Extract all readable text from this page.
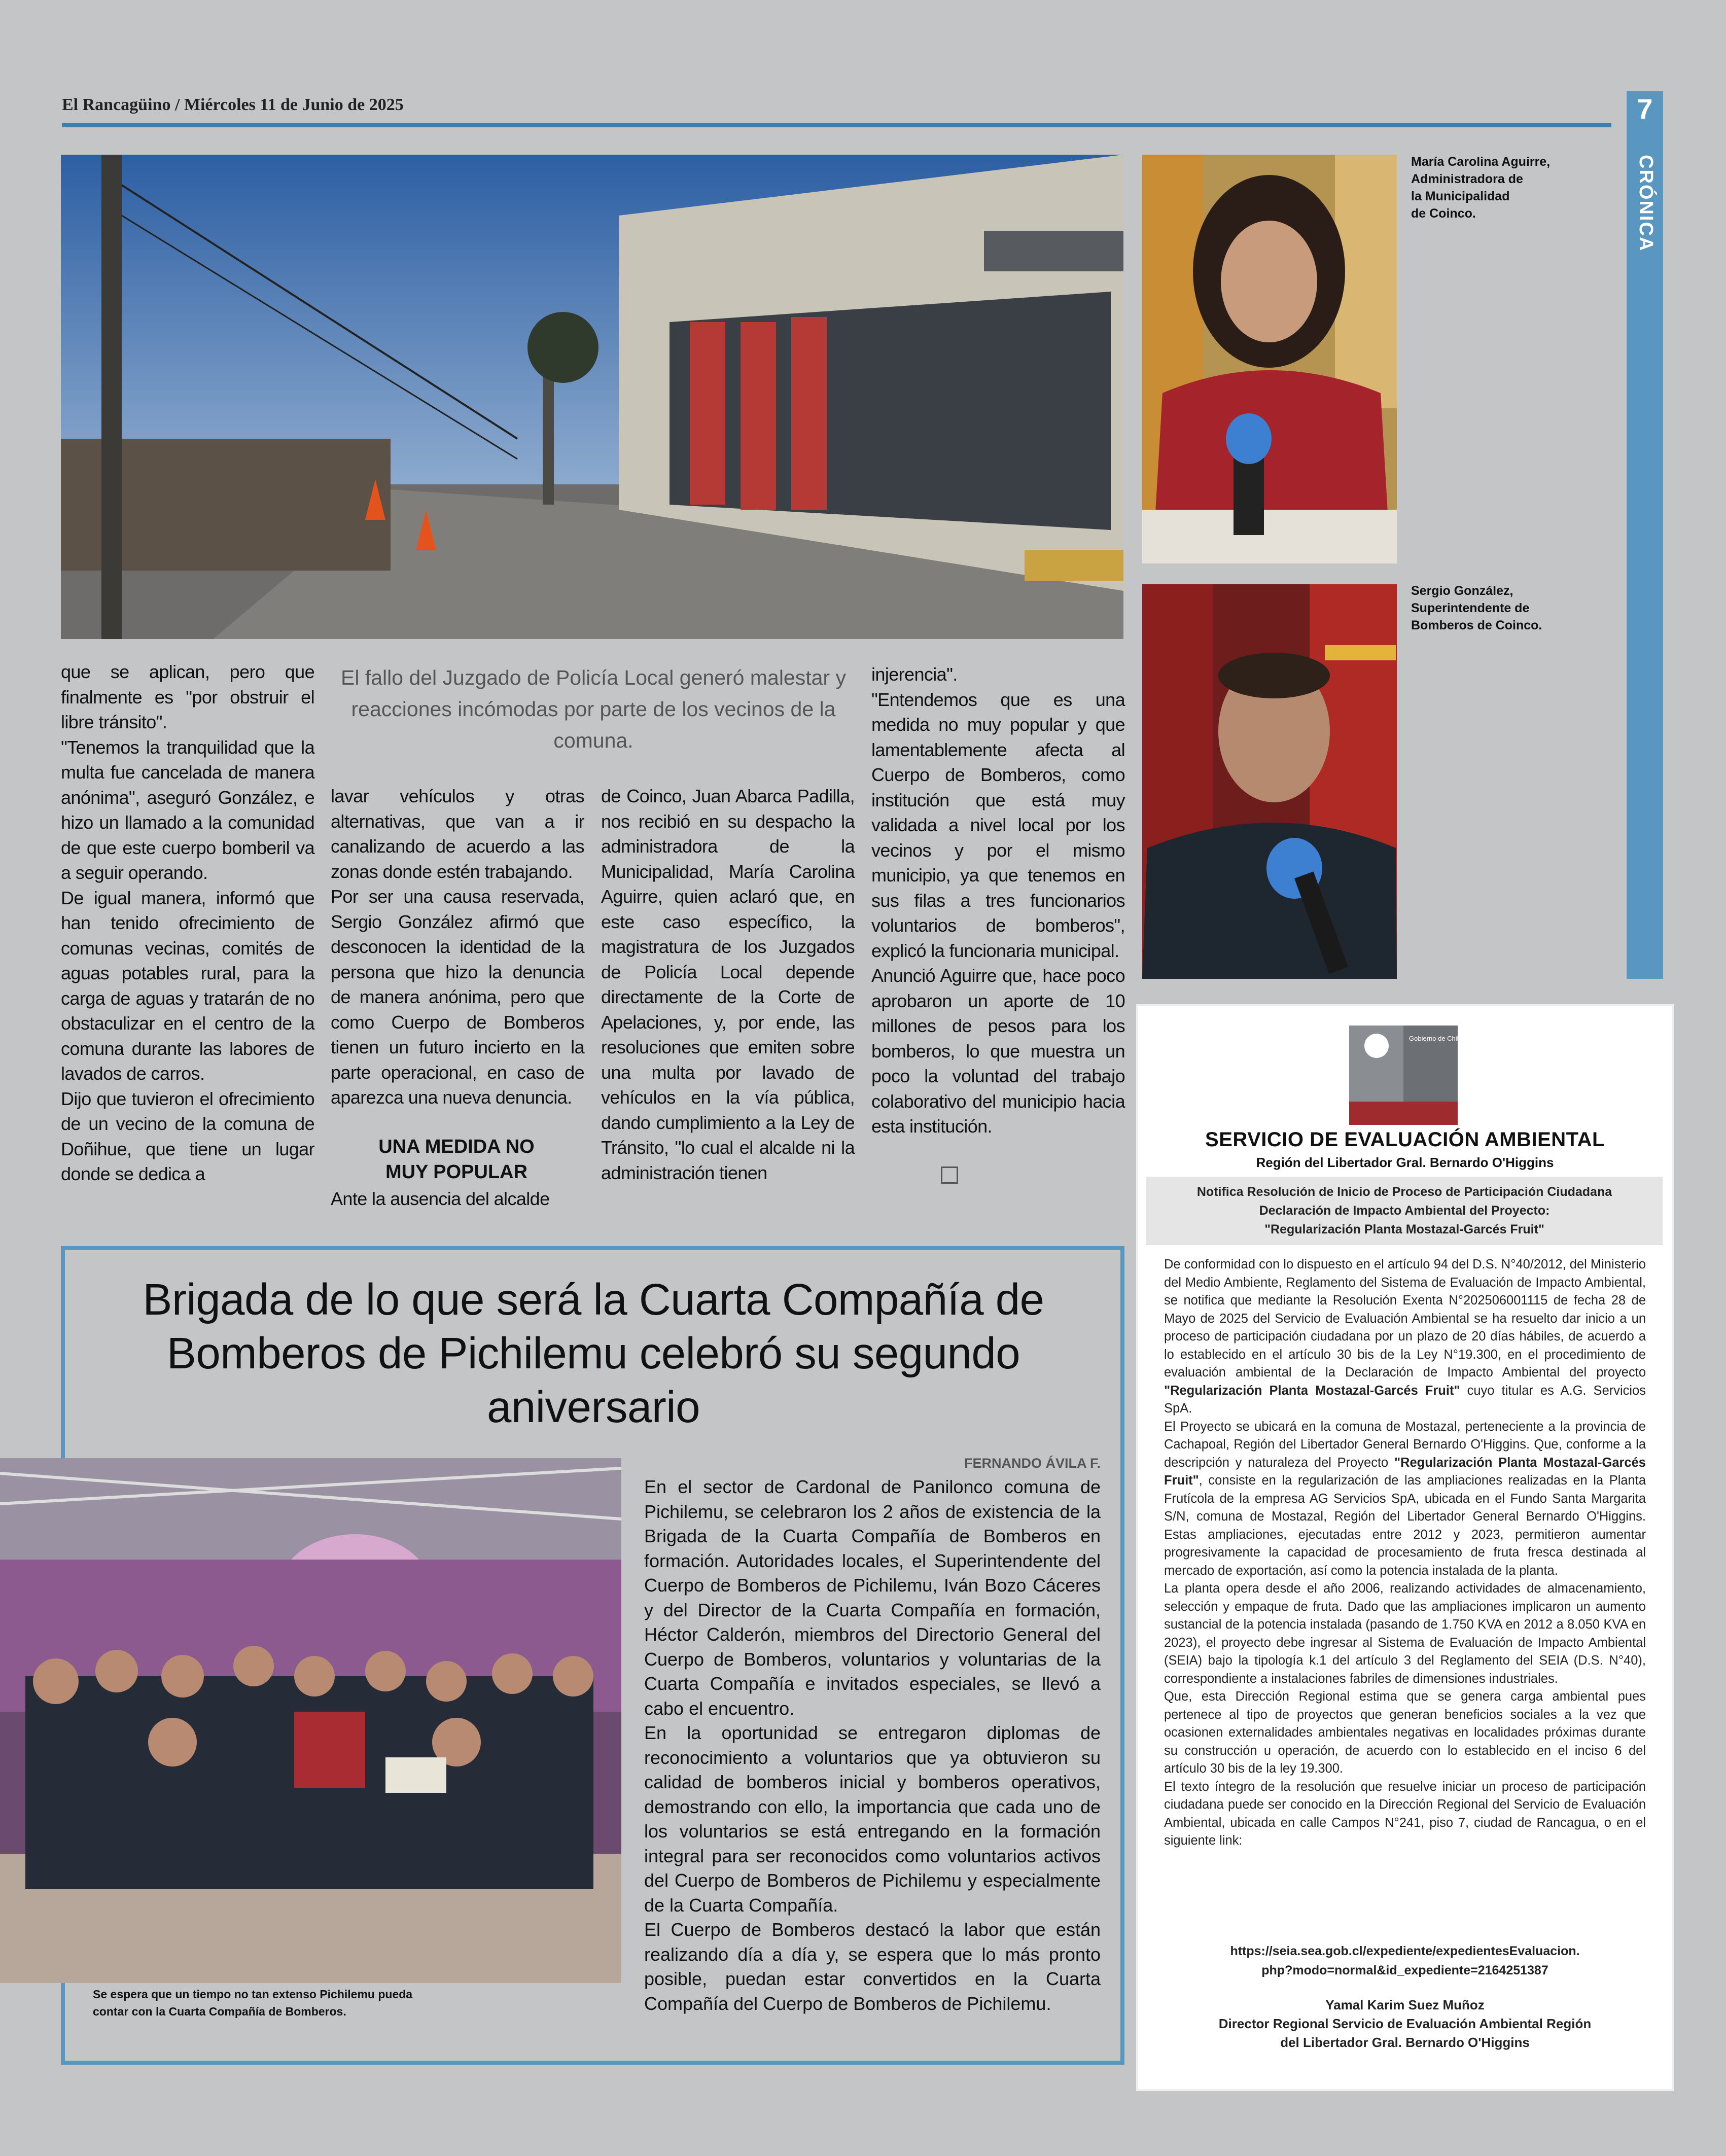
El Rancagüino / Miércoles 11 de Junio de 2025	7
CRÓNICA
María Carolina Aguirre,
Administradora de
la Municipalidad
de Coinco.
Sergio González,
Superintendente de
Bomberos de Coinco.
que se aplican, pero que finalmente es "por obstruir el libre tránsito".
"Tenemos la tranquilidad que la multa fue cancelada de manera anónima", aseguró González, e hizo un llamado a la comunidad de que este cuerpo bomberil va a seguir operando.
De igual manera, informó que han tenido ofrecimiento de comunas vecinas, comités de aguas potables rural, para la carga de aguas y tratarán de no obstaculizar en el centro de la comuna durante las labores de lavados de carros.
Dijo que tuvieron el ofrecimiento de un vecino de la comuna de Doñihue, que tiene un lugar donde se dedica a
El fallo del Juzgado de Policía Local generó malestar y reacciones incómodas por parte de los vecinos de la comuna.
lavar vehículos y otras alternativas, que van a ir canalizando de acuerdo a las zonas donde estén trabajando.
Por ser una causa reservada, Sergio González afirmó que desconocen la identidad de la persona que hizo la denuncia de manera anónima, pero que como Cuerpo de Bomberos tienen un futuro incierto en la parte operacional, en caso de aparezca una nueva denuncia.
UNA MEDIDA NO
MUY POPULAR
Ante la ausencia del alcalde
de Coinco, Juan Abarca Padilla, nos recibió en su despacho la administradora de la Municipalidad, María Carolina Aguirre, quien aclaró que, en este caso específico, la magistratura de los Juzgados de Policía Local depende directamente de la Corte de Apelaciones, y, por ende, las resoluciones que emiten sobre una multa por lavado de vehículos en la vía pública, dando cumplimiento a la Ley de Tránsito, "lo cual el alcalde ni la administración tienen
injerencia".
"Entendemos que es una medida no muy popular y que lamentablemente afecta al Cuerpo de Bomberos, como institución que está muy validada a nivel local por los vecinos y por el mismo municipio, ya que tenemos en sus filas a tres funcionarios voluntarios de bomberos", explicó la funcionaria municipal.
Anunció Aguirre que, hace poco aprobaron un aporte de 10 millones de pesos para los bomberos, lo que muestra un poco la voluntad del trabajo colaborativo del municipio hacia esta institución.
Brigada de lo que será la Cuarta Compañía de Bomberos de Pichilemu celebró su segundo aniversario
FERNANDO ÁVILA F.
Se espera que un tiempo no tan extenso Pichilemu pueda
contar con la Cuarta Compañía de Bomberos.

En el sector de Cardonal de Panilonco comuna de Pichilemu, se celebraron los 2 años de existencia de la Brigada de la Cuarta Compañía de Bomberos en formación. Autoridades locales, el Superintendente del Cuerpo de Bomberos de Pichilemu, Iván Bozo Cáceres y del Director de la Cuarta Compañía en formación, Héctor Calderón, miembros del Directorio General del Cuerpo de Bomberos, voluntarios y voluntarias de la Cuarta Compañía e invitados especiales, se llevó a cabo el encuentro.

En la oportunidad se entregaron diplomas de reconocimiento a voluntarios que ya obtuvieron su calidad de bomberos inicial y bomberos operativos, demostrando con ello, la importancia que cada uno de los voluntarios se está entregando en la formación integral para ser reconocidos como voluntarios activos del Cuerpo de Bomberos de Pichilemu y especialmente de la Cuarta Compañía.

El Cuerpo de Bomberos destacó la labor que están realizando día a día y, se espera que lo más pronto posible, puedan estar convertidos en la Cuarta Compañía del Cuerpo de Bomberos de Pichilemu.

Gobierno de Chile
SERVICIO DE EVALUACIÓN AMBIENTAL
Región del Libertador Gral. Bernardo O'Higgins
Notifica Resolución de Inicio de Proceso de Participación Ciudadana
Declaración de Impacto Ambiental del Proyecto:
"Regularización Planta Mostazal-Garcés Fruit"

De conformidad con lo dispuesto en el artículo 94 del D.S. N°40/2012, del Ministerio del Medio Ambiente, Reglamento del Sistema de Evaluación de Impacto Ambiental, se notifica que mediante la Resolución Exenta N°202506001115 de fecha 28 de Mayo de 2025 del Servicio de Evaluación Ambiental se ha resuelto dar inicio a un proceso de participación ciudadana por un plazo de 20 días hábiles, de acuerdo a lo establecido en el artículo 30 bis de la Ley N°19.300, en el procedimiento de evaluación ambiental de la Declaración de Impacto Ambiental del proyecto "Regularización Planta Mostazal-Garcés Fruit" cuyo titular es A.G. Servicios SpA.

El Proyecto se ubicará en la comuna de Mostazal, perteneciente a la provincia de Cachapoal, Región del Libertador General Bernardo O'Higgins. Que, conforme a la descripción y naturaleza del Proyecto "Regularización Planta Mostazal-Garcés Fruit", consiste en la regularización de las ampliaciones realizadas en la Planta Frutícola de la empresa AG Servicios SpA, ubicada en el Fundo Santa Margarita S/N, comuna de Mostazal, Región del Libertador General Bernardo O'Higgins. Estas ampliaciones, ejecutadas entre 2012 y 2023, permitieron aumentar progresivamente la capacidad de procesamiento de fruta fresca destinada al mercado de exportación, así como la potencia instalada de la planta.

La planta opera desde el año 2006, realizando actividades de almacenamiento, selección y empaque de fruta. Dado que las ampliaciones implicaron un aumento sustancial de la potencia instalada (pasando de 1.750 KVA en 2012 a 8.050 KVA en 2023), el proyecto debe ingresar al Sistema de Evaluación de Impacto Ambiental (SEIA) bajo la tipología k.1 del artículo 3 del Reglamento del SEIA (D.S. N°40), correspondiente a instalaciones fabriles de dimensiones industriales.

Que, esta Dirección Regional estima que se genera carga ambiental pues pertenece al tipo de proyectos que generan beneficios sociales a la vez que ocasionen externalidades ambientales negativas en localidades próximas durante su construcción u operación, de acuerdo con lo establecido en el inciso 6 del artículo 30 bis de la ley 19.300.

El texto íntegro de la resolución que resuelve iniciar un proceso de participación ciudadana puede ser conocido en la Dirección Regional del Servicio de Evaluación Ambiental, ubicada en calle Campos N°241, piso 7, ciudad de Rancagua, o en el siguiente link:

https://seia.sea.gob.cl/expediente/expedientesEvaluacion.
php?modo=normal&id_expediente=2164251387
Yamal Karim Suez Muñoz
Director Regional Servicio de Evaluación Ambiental Región
del Libertador Gral. Bernardo O'Higgins
